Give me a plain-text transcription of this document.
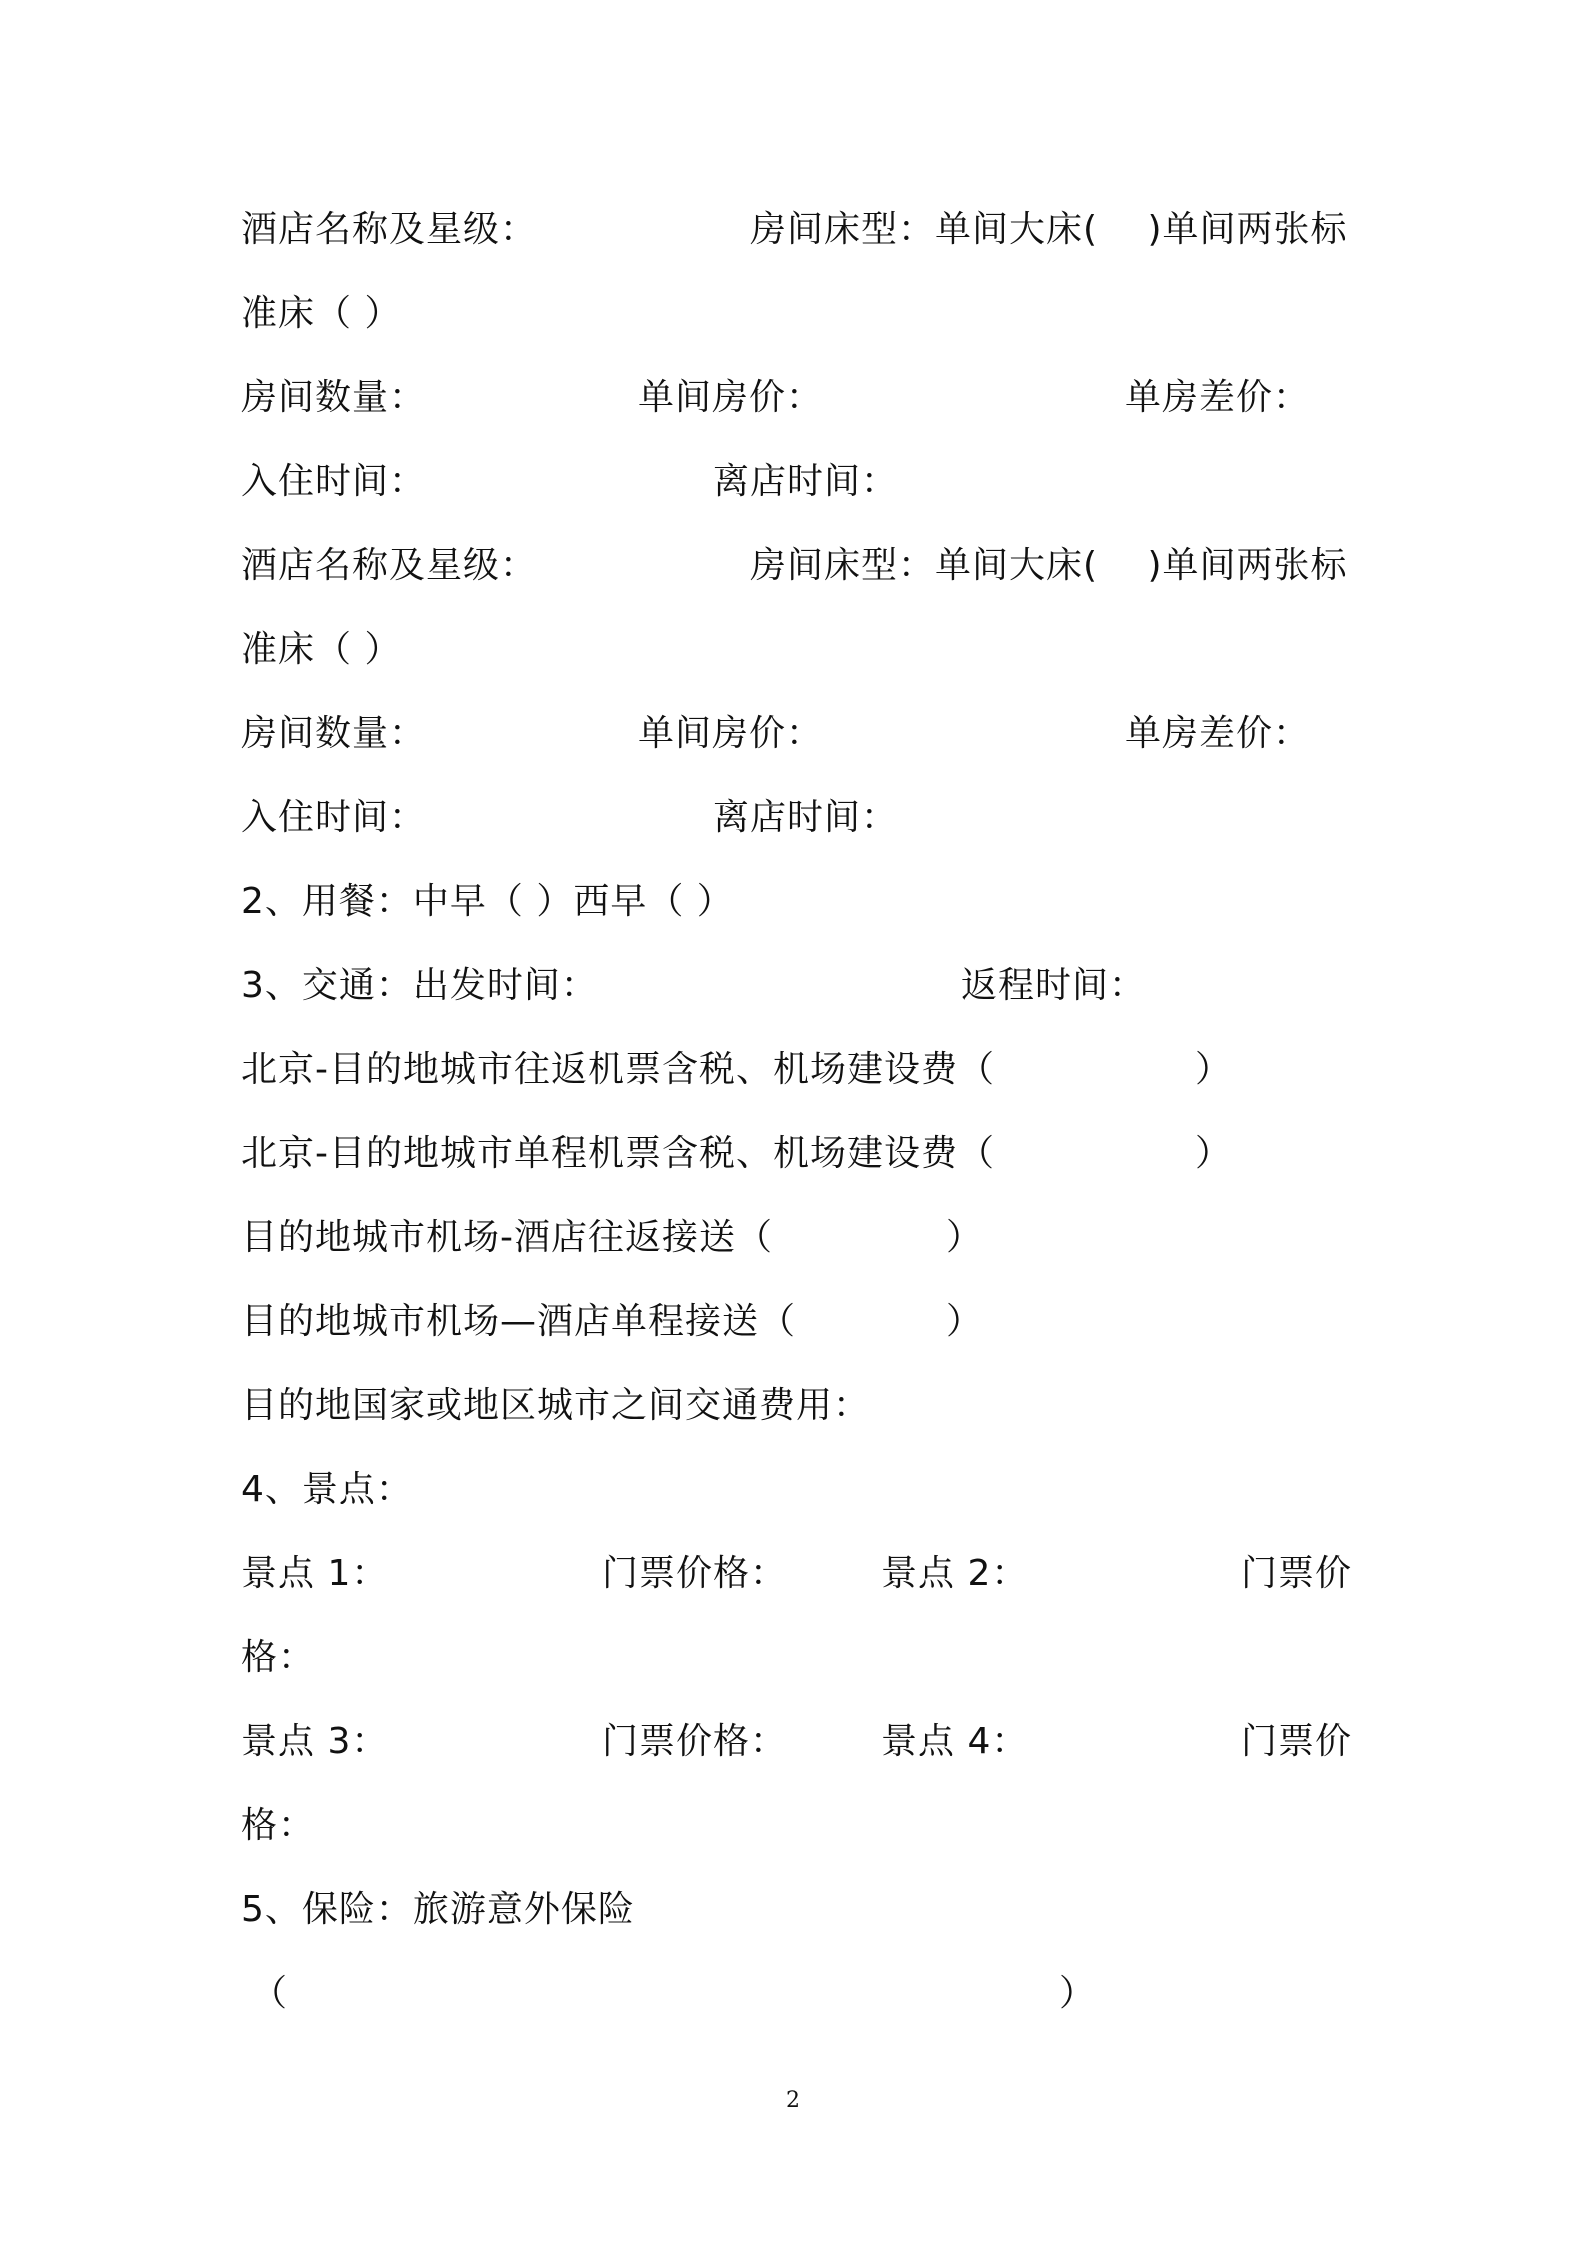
酒店名称及星级：	房间床型：单间大床(　 )单间两张标
准床（ ）
房间数量：	单间房价：	单房差价：
入住时间：	离店时间：
酒店名称及星级：	房间床型：单间大床(　 )单间两张标
准床（ ）
房间数量：	单间房价：	单房差价：
入住时间：	离店时间：
2、用餐：中早（ ）西早（ ）
3、交通：出发时间：	返程时间：
北京-目的地城市往返机票含税、机场建设费（	）
北京-目的地城市单程机票含税、机场建设费（	）
目的地城市机场-酒店往返接送（	）
目的地城市机场—酒店单程接送（	）
目的地国家或地区城市之间交通费用：
4、景点：
景点 1：	门票价格：	景点 2：	门票价
格：
景点 3：	门票价格：	景点 4：	门票价
格：
5、保险：旅游意外保险
（	）
2
